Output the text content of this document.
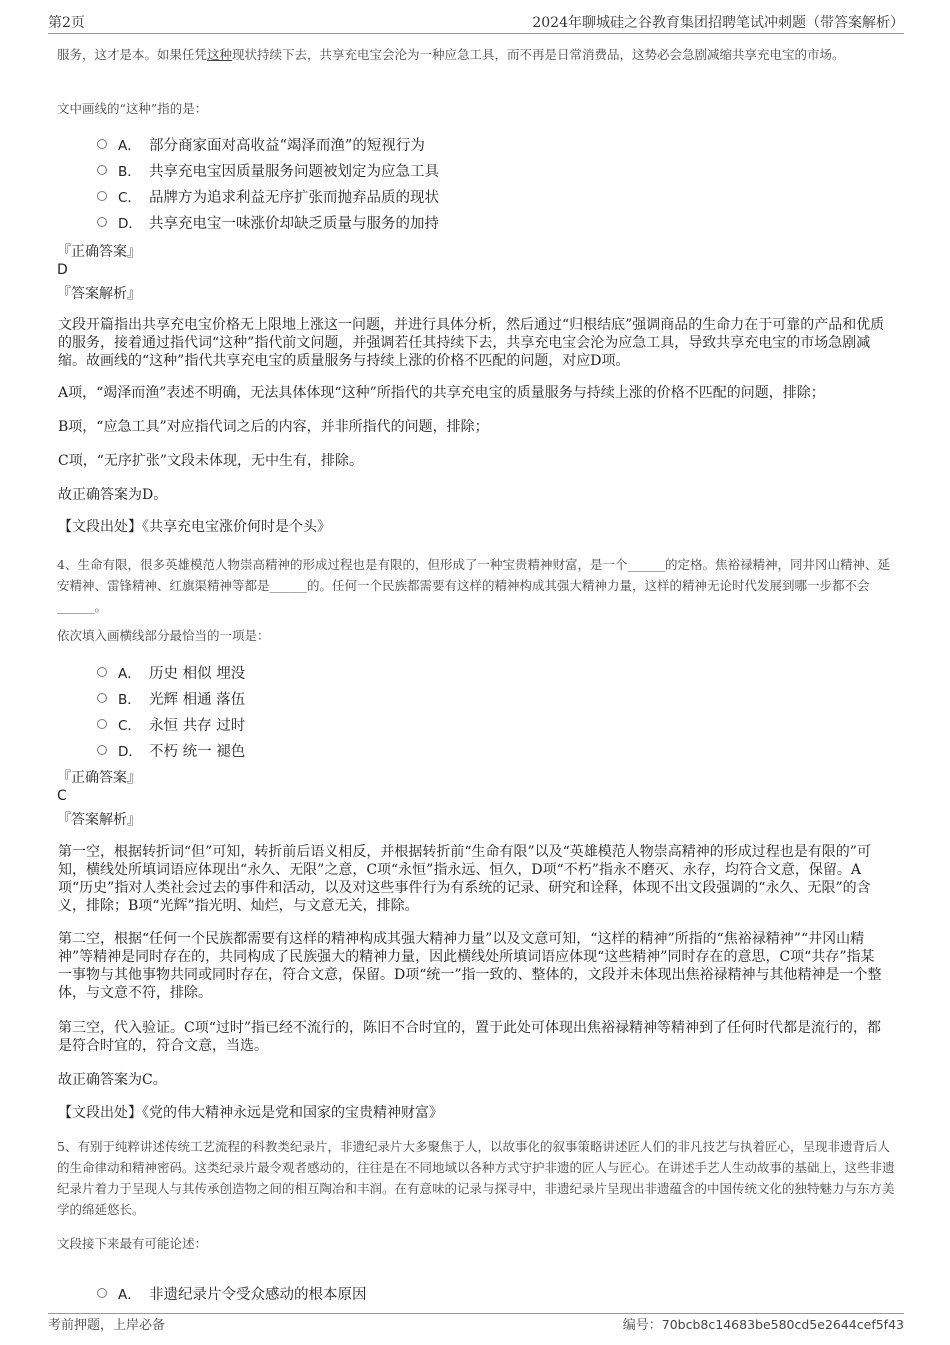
第2页	2024年聊城硅之谷教育集团招聘笔试冲刺题（带答案解析）
服务，这才是本。如果任凭这种现状持续下去，共享充电宝会沦为一种应急工具，而不再是日常消费品，这势必会急剧减缩共享充电宝的市场。
文中画线的“这种”指的是：
A． 部分商家面对高收益“竭泽而渔”的短视行为
B． 共享充电宝因质量服务问题被划定为应急工具
C． 品牌方为追求利益无序扩张而抛弃品质的现状
D． 共享充电宝一味涨价却缺乏质量与服务的加持
『正确答案』
D
『答案解析』
文段开篇指出共享充电宝价格无上限地上涨这一问题，并进行具体分析，然后通过“归根结底”强调商品的生命力在于可靠的产品和优质的服务，接着通过指代词“这种”指代前文问题，并强调若任其持续下去，共享充电宝会沦为应急工具，导致共享充电宝的市场急剧减缩。故画线的“这种”指代共享充电宝的质量服务与持续上涨的价格不匹配的问题，对应D项。
A项，“竭泽而渔”表述不明确，无法具体体现“这种”所指代的共享充电宝的质量服务与持续上涨的价格不匹配的问题，排除；
B项，“应急工具”对应指代词之后的内容，并非所指代的问题，排除；
C项，“无序扩张”文段未体现，无中生有，排除。
故正确答案为D。
【文段出处】《共享充电宝涨价何时是个头》
4、生命有限，很多英雄模范人物崇高精神的形成过程也是有限的，但形成了一种宝贵精神财富，是一个______的定格。焦裕禄精神，同井冈山精神、延安精神、雷锋精神、红旗渠精神等都是______的。任何一个民族都需要有这样的精神构成其强大精神力量，这样的精神无论时代发展到哪一步都不会______。
依次填入画横线部分最恰当的一项是：
A． 历史 相似 埋没
B． 光辉 相通 落伍
C． 永恒 共存 过时
D． 不朽 统一 褪色
『正确答案』
C
『答案解析』
第一空，根据转折词“但”可知，转折前后语义相反，并根据转折前“生命有限”以及“英雄模范人物崇高精神的形成过程也是有限的”可知，横线处所填词语应体现出“永久、无限”之意，C项“永恒”指永远、恒久，D项“不朽”指永不磨灭、永存，均符合文意，保留。A项“历史”指对人类社会过去的事件和活动，以及对这些事件行为有系统的记录、研究和诠释，体现不出文段强调的“永久、无限”的含义，排除；B项“光辉”指光明、灿烂，与文意无关，排除。
第二空，根据“任何一个民族都需要有这样的精神构成其强大精神力量”以及文意可知，“这样的精神”所指的“焦裕禄精神”“井冈山精神”等精神是同时存在的，共同构成了民族强大的精神力量，因此横线处所填词语应体现“这些精神”同时存在的意思，C项“共存”指某一事物与其他事物共同或同时存在，符合文意，保留。D项“统一”指一致的、整体的，文段并未体现出焦裕禄精神与其他精神是一个整体，与文意不符，排除。
第三空，代入验证。C项“过时”指已经不流行的，陈旧不合时宜的，置于此处可体现出焦裕禄精神等精神到了任何时代都是流行的，都是符合时宜的，符合文意，当选。
故正确答案为C。
【文段出处】《党的伟大精神永远是党和国家的宝贵精神财富》
5、有别于纯粹讲述传统工艺流程的科教类纪录片，非遗纪录片大多聚焦于人，以故事化的叙事策略讲述匠人们的非凡技艺与执着匠心，呈现非遗背后人的生命律动和精神密码。这类纪录片最令观者感动的，往往是在不同地域以各种方式守护非遗的匠人与匠心。在讲述手艺人生动故事的基础上，这些非遗纪录片着力于呈现人与其传承创造物之间的相互陶冶和丰润。在有意味的记录与探寻中，非遗纪录片呈现出非遗蕴含的中国传统文化的独特魅力与东方美学的绵延悠长。
文段接下来最有可能论述：
A． 非遗纪录片令受众感动的根本原因
考前押题，上岸必备	编号：70bcb8c14683be580cd5e2644cef5f43
